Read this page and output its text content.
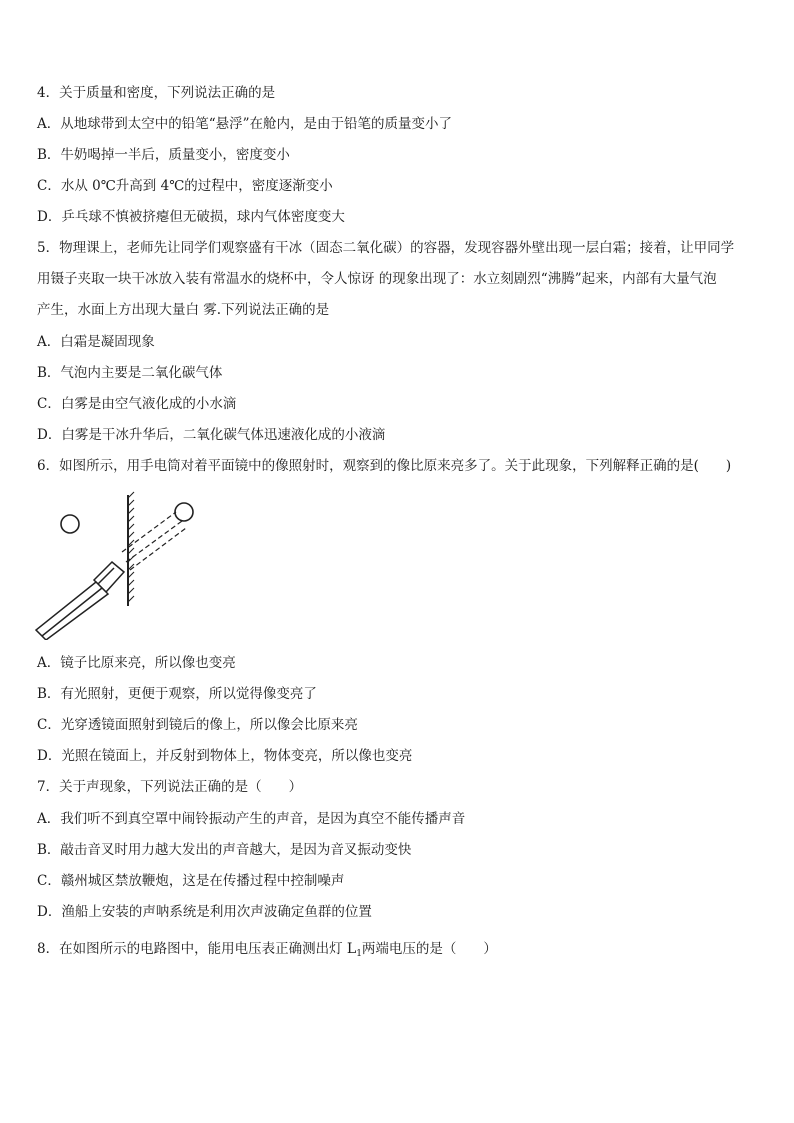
4．关于质量和密度，下列说法正确的是
A．从地球带到太空中的铅笔“悬浮”在舱内，是由于铅笔的质量变小了
B．牛奶喝掉一半后，质量变小，密度变小
C．水从 0℃升高到 4℃的过程中，密度逐渐变小
D．乒乓球不慎被挤瘪但无破损，球内气体密度变大
5．物理课上，老师先让同学们观察盛有干冰（固态二氧化碳）的容器，发现容器外壁出现一层白霜；接着，让甲同学
用镊子夹取一块干冰放入装有常温水的烧杯中，令人惊讶 的现象出现了：水立刻剧烈“沸腾”起来，内部有大量气泡
产生，水面上方出现大量白 雾.下列说法正确的是
A．白霜是凝固现象
B．气泡内主要是二氧化碳气体
C．白雾是由空气液化成的小水滴
D．白雾是干冰升华后，二氧化碳气体迅速液化成的小液滴
6．如图所示，用手电筒对着平面镜中的像照射时，观察到的像比原来亮多了。关于此现象，下列解释正确的是(　　)
A．镜子比原来亮，所以像也变亮
B．有光照射，更便于观察，所以觉得像变亮了
C．光穿透镜面照射到镜后的像上，所以像会比原来亮
D．光照在镜面上，并反射到物体上，物体变亮，所以像也变亮
7．关于声现象，下列说法正确的是（　　）
A．我们听不到真空罩中闹铃振动产生的声音，是因为真空不能传播声音
B．敲击音叉时用力越大发出的声音越大，是因为音叉振动变快
C．赣州城区禁放鞭炮，这是在传播过程中控制噪声
D．渔船上安装的声呐系统是利用次声波确定鱼群的位置
8．在如图所示的电路图中，能用电压表正确测出灯 $L_1$两端电压的是（　　）
